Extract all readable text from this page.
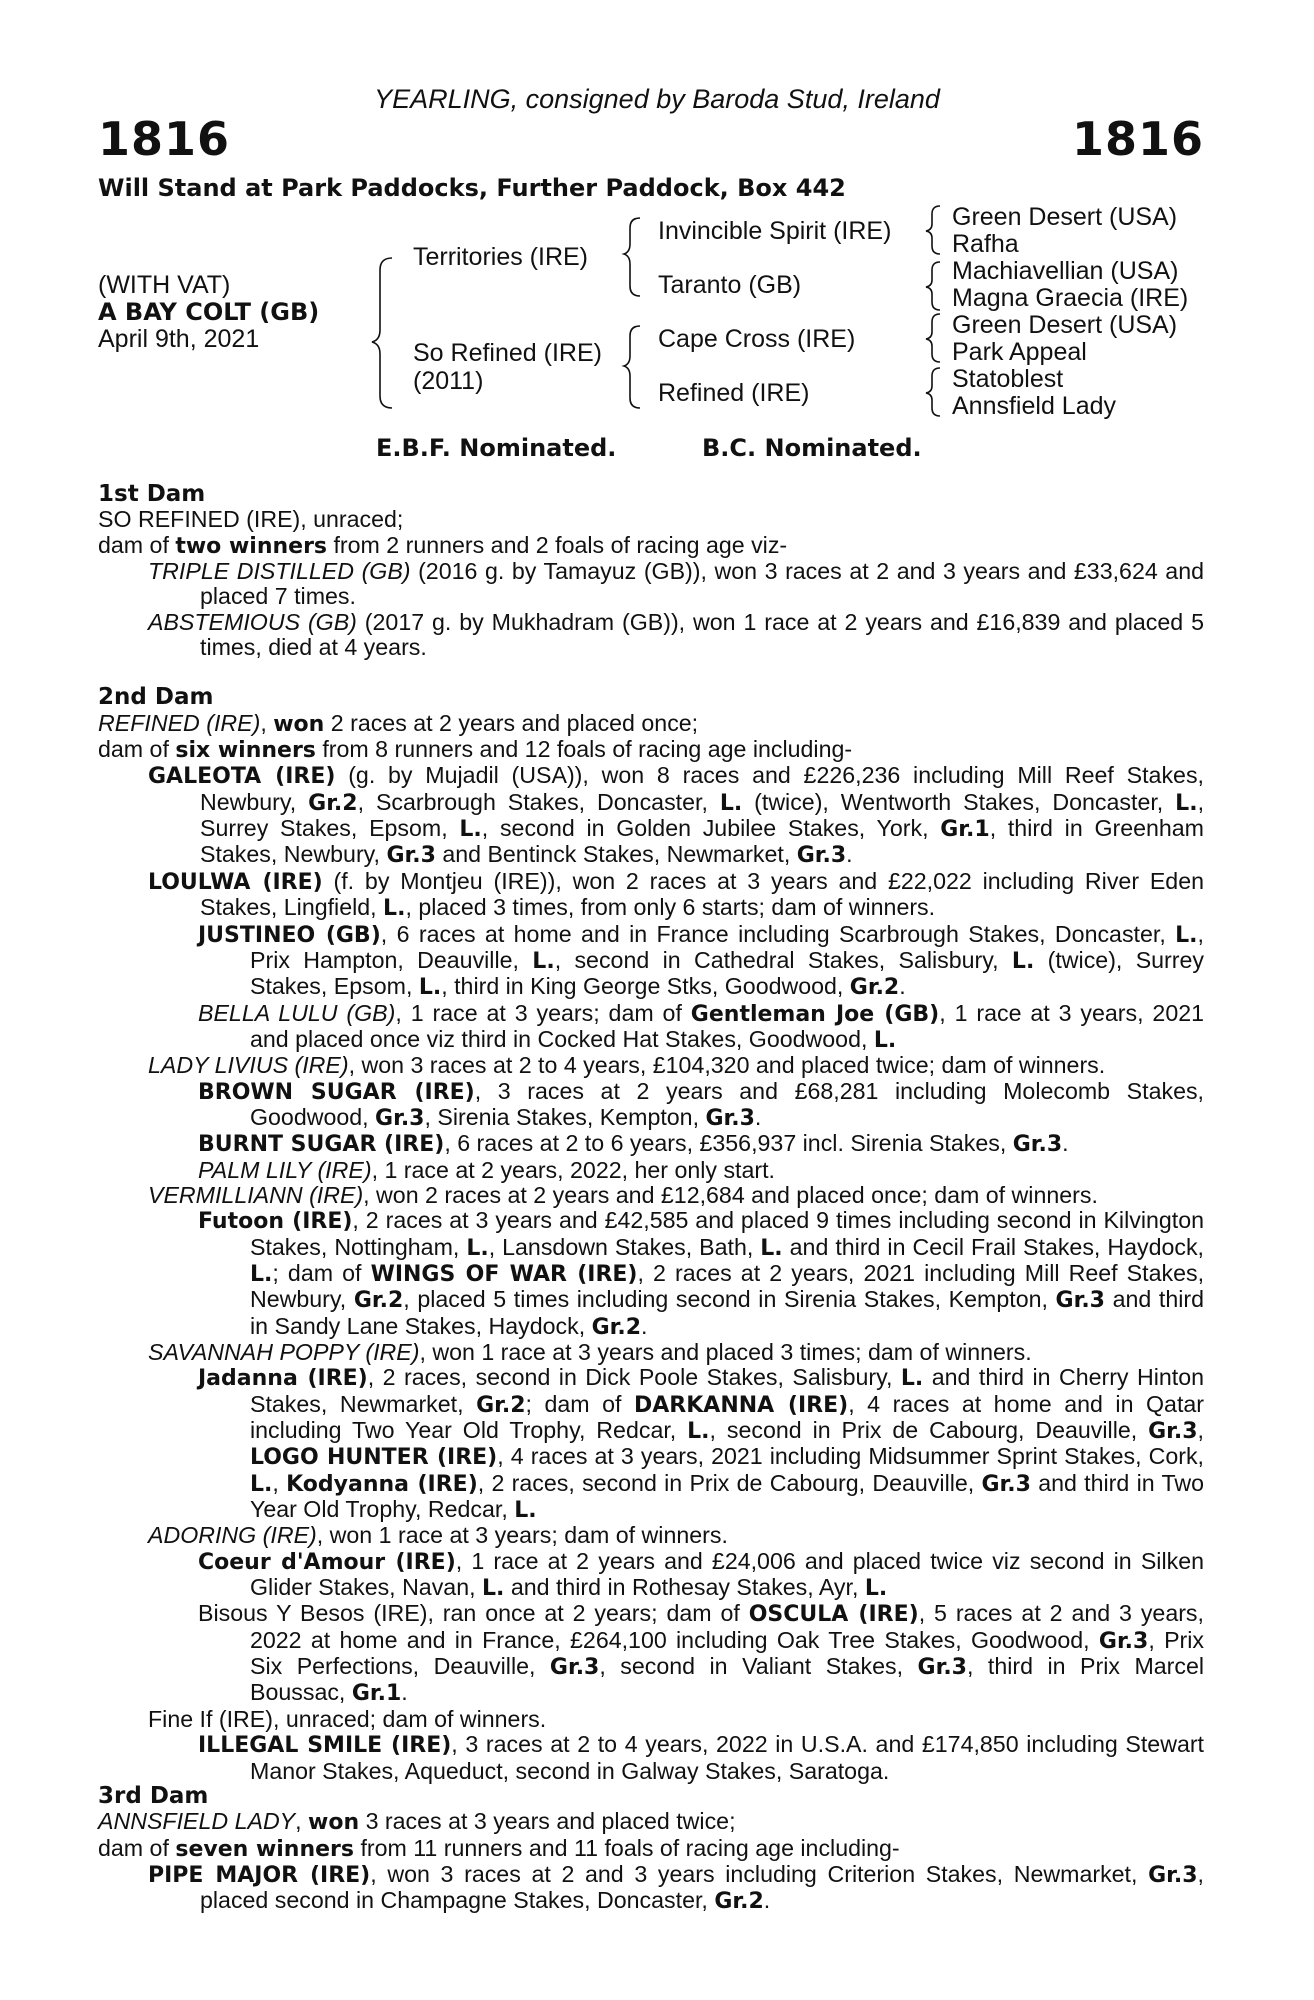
YEARLING, consigned by Baroda Stud, Ireland
1816	1816
Will Stand at Park Paddocks, Further Paddock, Box 442
(WITH VAT)
A BAY COLT (GB)
April 9th, 2021
Territories (IRE)
So Refined (IRE)
(2011)
Invincible Spirit (IRE)
Taranto (GB)
Cape Cross (IRE)
Refined (IRE)
Green Desert (USA)
Rafha
Machiavellian (USA)
Magna Graecia (IRE)
Green Desert (USA)
Park Appeal
Statoblest
Annsfield Lady
E.B.F. Nominated.	B.C. Nominated.

1st Dam

SO REFINED (IRE), unraced;

dam of two winners from 2 runners and 2 foals of racing age viz-

TRIPLE DISTILLED (GB) (2016 g. by Tamayuz (GB)), won 3 races at 2 and 3 years and £33,624 and placed 7 times.

ABSTEMIOUS (GB) (2017 g. by Mukhadram (GB)), won 1 race at 2 years and £16,839 and placed 5 times, died at 4 years.

2nd Dam

REFINED (IRE), won 2 races at 2 years and placed once;

dam of six winners from 8 runners and 12 foals of racing age including-

GALEOTA (IRE) (g. by Mujadil (USA)), won 8 races and £226,236 including Mill Reef Stakes, Newbury, Gr.2, Scarbrough Stakes, Doncaster, L. (twice), Wentworth Stakes, Doncaster, L., Surrey Stakes, Epsom, L., second in Golden Jubilee Stakes, York, Gr.1, third in Greenham Stakes, Newbury, Gr.3 and Bentinck Stakes, Newmarket, Gr.3.

LOULWA (IRE) (f. by Montjeu (IRE)), won 2 races at 3 years and £22,022 including River Eden Stakes, Lingfield, L., placed 3 times, from only 6 starts; dam of winners.

JUSTINEO (GB), 6 races at home and in France including Scarbrough Stakes, Doncaster, L., Prix Hampton, Deauville, L., second in Cathedral Stakes, Salisbury, L. (twice), Surrey Stakes, Epsom, L., third in King George Stks, Goodwood, Gr.2.

BELLA LULU (GB), 1 race at 3 years; dam of Gentleman Joe (GB), 1 race at 3 years, 2021 and placed once viz third in Cocked Hat Stakes, Goodwood, L.

LADY LIVIUS (IRE), won 3 races at 2 to 4 years, £104,320 and placed twice; dam of winners.

BROWN SUGAR (IRE), 3 races at 2 years and £68,281 including Molecomb Stakes, Goodwood, Gr.3, Sirenia Stakes, Kempton, Gr.3.

BURNT SUGAR (IRE), 6 races at 2 to 6 years, £356,937 incl. Sirenia Stakes, Gr.3.

PALM LILY (IRE), 1 race at 2 years, 2022, her only start.

VERMILLIANN (IRE), won 2 races at 2 years and £12,684 and placed once; dam of winners.

Futoon (IRE), 2 races at 3 years and £42,585 and placed 9 times including second in Kilvington Stakes, Nottingham, L., Lansdown Stakes, Bath, L. and third in Cecil Frail Stakes, Haydock, L.; dam of WINGS OF WAR (IRE), 2 races at 2 years, 2021 including Mill Reef Stakes, Newbury, Gr.2, placed 5 times including second in Sirenia Stakes, Kempton, Gr.3 and third in Sandy Lane Stakes, Haydock, Gr.2.

SAVANNAH POPPY (IRE), won 1 race at 3 years and placed 3 times; dam of winners.

Jadanna (IRE), 2 races, second in Dick Poole Stakes, Salisbury, L. and third in Cherry Hinton Stakes, Newmarket, Gr.2; dam of DARKANNA (IRE), 4 races at home and in Qatar including Two Year Old Trophy, Redcar, L., second in Prix de Cabourg, Deauville, Gr.3, LOGO HUNTER (IRE), 4 races at 3 years, 2021 including Midsummer Sprint Stakes, Cork, L., Kodyanna (IRE), 2 races, second in Prix de Cabourg, Deauville, Gr.3 and third in Two Year Old Trophy, Redcar, L.

ADORING (IRE), won 1 race at 3 years; dam of winners.

Coeur d'Amour (IRE), 1 race at 2 years and £24,006 and placed twice viz second in Silken Glider Stakes, Navan, L. and third in Rothesay Stakes, Ayr, L.

Bisous Y Besos (IRE), ran once at 2 years; dam of OSCULA (IRE), 5 races at 2 and 3 years, 2022 at home and in France, £264,100 including Oak Tree Stakes, Goodwood, Gr.3, Prix Six Perfections, Deauville, Gr.3, second in Valiant Stakes, Gr.3, third in Prix Marcel Boussac, Gr.1.

Fine If (IRE), unraced; dam of winners.

ILLEGAL SMILE (IRE), 3 races at 2 to 4 years, 2022 in U.S.A. and £174,850 including Stewart Manor Stakes, Aqueduct, second in Galway Stakes, Saratoga.

3rd Dam

ANNSFIELD LADY, won 3 races at 3 years and placed twice;

dam of seven winners from 11 runners and 11 foals of racing age including-

PIPE MAJOR (IRE), won 3 races at 2 and 3 years including Criterion Stakes, Newmarket, Gr.3, placed second in Champagne Stakes, Doncaster, Gr.2.
